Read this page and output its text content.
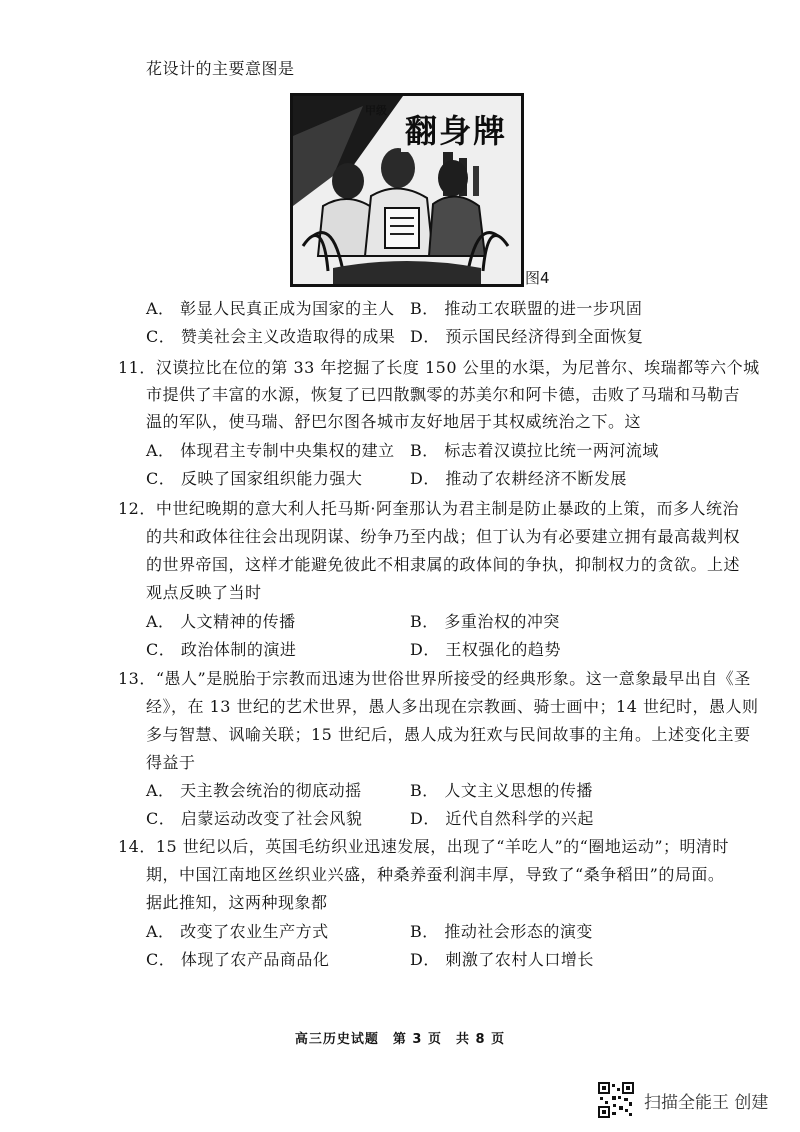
花设计的主要意图是
甲级
翻身牌
图4
A． 彰显人民真正成为国家的主人 B． 推动工农联盟的进一步巩固
C． 赞美社会主义改造取得的成果 D． 预示国民经济得到全面恢复
11．汉谟拉比在位的第 33 年挖掘了长度 150 公里的水渠，为尼普尔、埃瑞都等六个城
市提供了丰富的水源，恢复了已四散飘零的苏美尔和阿卡德，击败了马瑞和马勒吉
温的军队，使马瑞、舒巴尔图各城市友好地居于其权威统治之下。这
A． 体现君主专制中央集权的建立 B． 标志着汉谟拉比统一两河流域
C． 反映了国家组织能力强大	D． 推动了农耕经济不断发展
12．中世纪晚期的意大利人托马斯·阿奎那认为君主制是防止暴政的上策，而多人统治
的共和政体往往会出现阴谋、纷争乃至内战；但丁认为有必要建立拥有最高裁判权
的世界帝国，这样才能避免彼此不相隶属的政体间的争执，抑制权力的贪欲。上述
观点反映了当时
A． 人文精神的传播	B． 多重治权的冲突
C． 政治体制的演进	D． 王权强化的趋势
13．“愚人”是脱胎于宗教而迅速为世俗世界所接受的经典形象。这一意象最早出自《圣
经》，在 13 世纪的艺术世界，愚人多出现在宗教画、骑士画中；14 世纪时，愚人则
多与智慧、讽喻关联；15 世纪后，愚人成为狂欢与民间故事的主角。上述变化主要
得益于
A． 天主教会统治的彻底动摇	B． 人文主义思想的传播
C． 启蒙运动改变了社会风貌	D． 近代自然科学的兴起
14．15 世纪以后，英国毛纺织业迅速发展，出现了“羊吃人”的“圈地运动”；明清时
期，中国江南地区丝织业兴盛，种桑养蚕利润丰厚，导致了“桑争稻田”的局面。
据此推知，这两种现象都
A． 改变了农业生产方式	B． 推动社会形态的演变
C． 体现了农产品商品化	D． 刺激了农村人口增长
高三历史试题　第 3 页　共 8 页
扫描全能王 创建
